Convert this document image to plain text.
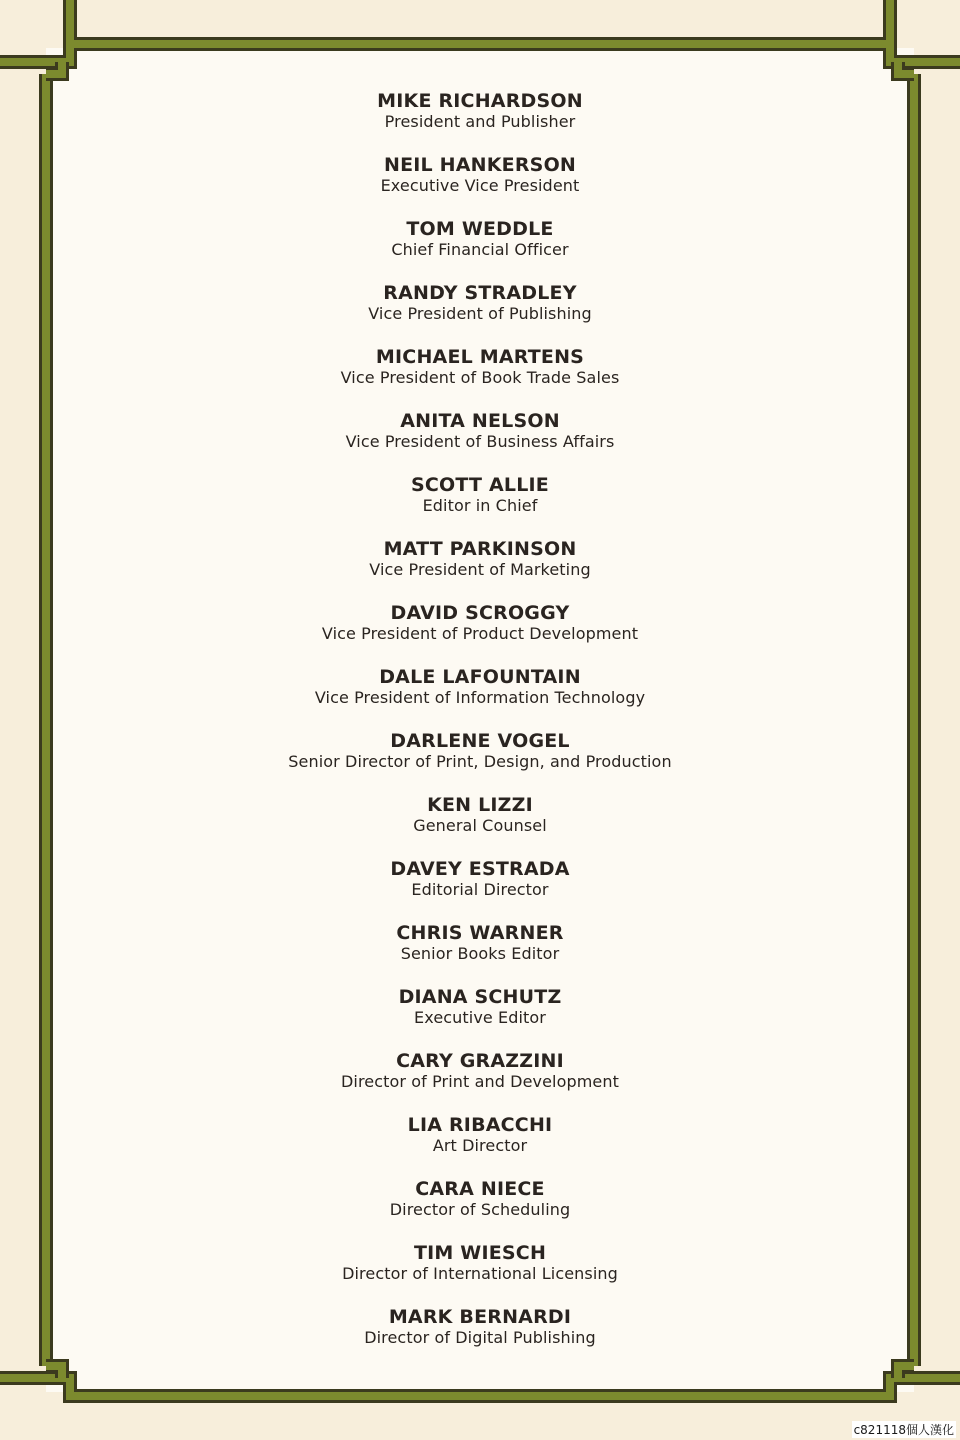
MIKE RICHARDSON
President and Publisher
NEIL HANKERSON
Executive Vice President
TOM WEDDLE
Chief Financial Officer
RANDY STRADLEY
Vice President of Publishing
MICHAEL MARTENS
Vice President of Book Trade Sales
ANITA NELSON
Vice President of Business Affairs
SCOTT ALLIE
Editor in Chief
MATT PARKINSON
Vice President of Marketing
DAVID SCROGGY
Vice President of Product Development
DALE LAFOUNTAIN
Vice President of Information Technology
DARLENE VOGEL
Senior Director of Print, Design, and Production
KEN LIZZI
General Counsel
DAVEY ESTRADA
Editorial Director
CHRIS WARNER
Senior Books Editor
DIANA SCHUTZ
Executive Editor
CARY GRAZZINI
Director of Print and Development
LIA RIBACCHI
Art Director
CARA NIECE
Director of Scheduling
TIM WIESCH
Director of International Licensing
MARK BERNARDI
Director of Digital Publishing
c821118個人漢化
